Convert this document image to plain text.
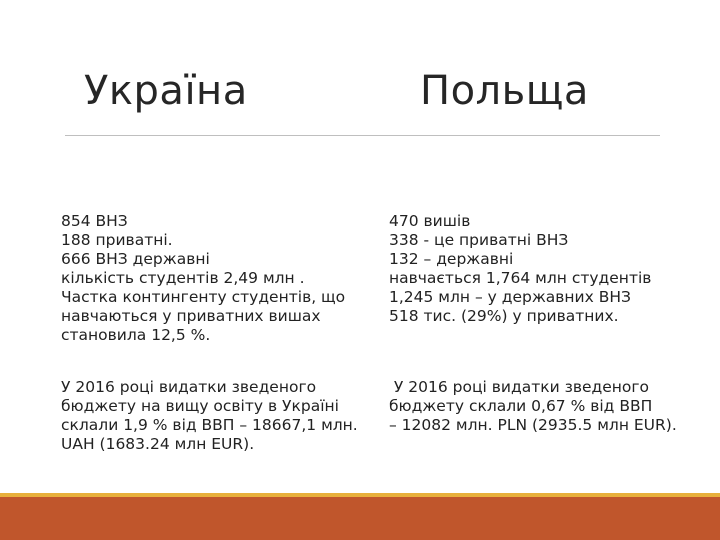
Україна	Польща
854 ВНЗ
188 приватні.
666 ВНЗ державні
кількість студентів 2,49 млн .
Частка контингенту студентів, що
навчаються у приватних вишах
становила 12,5 %.
У 2016 році видатки зведеного
бюджету на вищу освіту в Україні
склали 1,9 % від ВВП – 18667,1 млн.
UAH (1683.24 млн EUR).
470 вишів
338 - це приватні ВНЗ
132 – державні
навчається 1,764 млн студентів
1,245 млн – у державних ВНЗ
518 тис. (29%) у приватних.
У 2016 році видатки зведеного
бюджету склали 0,67 % від ВВП
– 12082 млн. PLN (2935.5 млн EUR).
